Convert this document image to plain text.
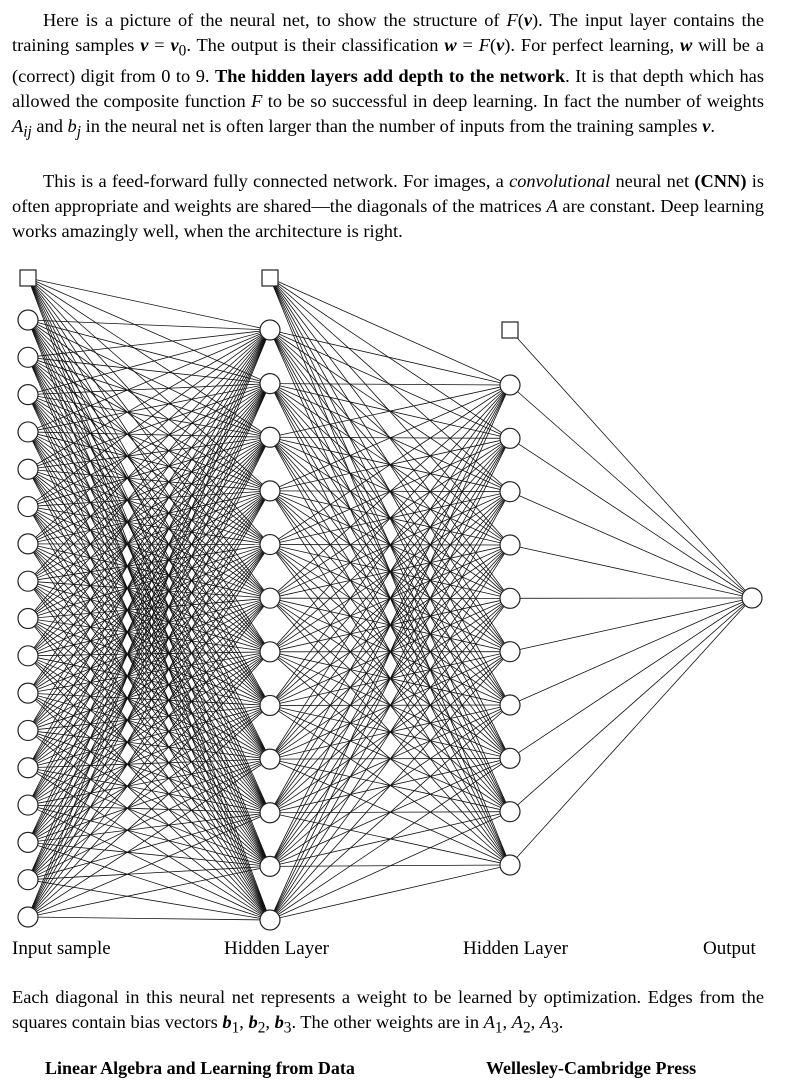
Here is a picture of the neural net, to show the structure of F(v). The input layer contains the training samples $v = v_0$. The output is their classification w = F(v). For perfect learning, w will be a (correct) digit from 0 to 9. The hidden layers add depth to the network. It is that depth which has allowed the composite function F to be so successful in deep learning. In fact the number of weights $A_{ij}$ and $b_j$ in the neural net is often larger than the number of inputs from the training samples v.

This is a feed-forward fully connected network. For images, a convolutional neural net (CNN) is often appropriate and weights are shared—the diagonals of the matrices A are constant. Deep learning works amazingly well, when the architecture is right.

Input sample	Hidden Layer	Hidden Layer	Output

Each diagonal in this neural net represents a weight to be learned by optimization. Edges from the squares contain bias vectors $b_1$, $b_2$, $b_3$. The other weights are in $A_1$, $A_2$, $A_3$.

Linear Algebra and Learning from Data	Wellesley-Cambridge Press
